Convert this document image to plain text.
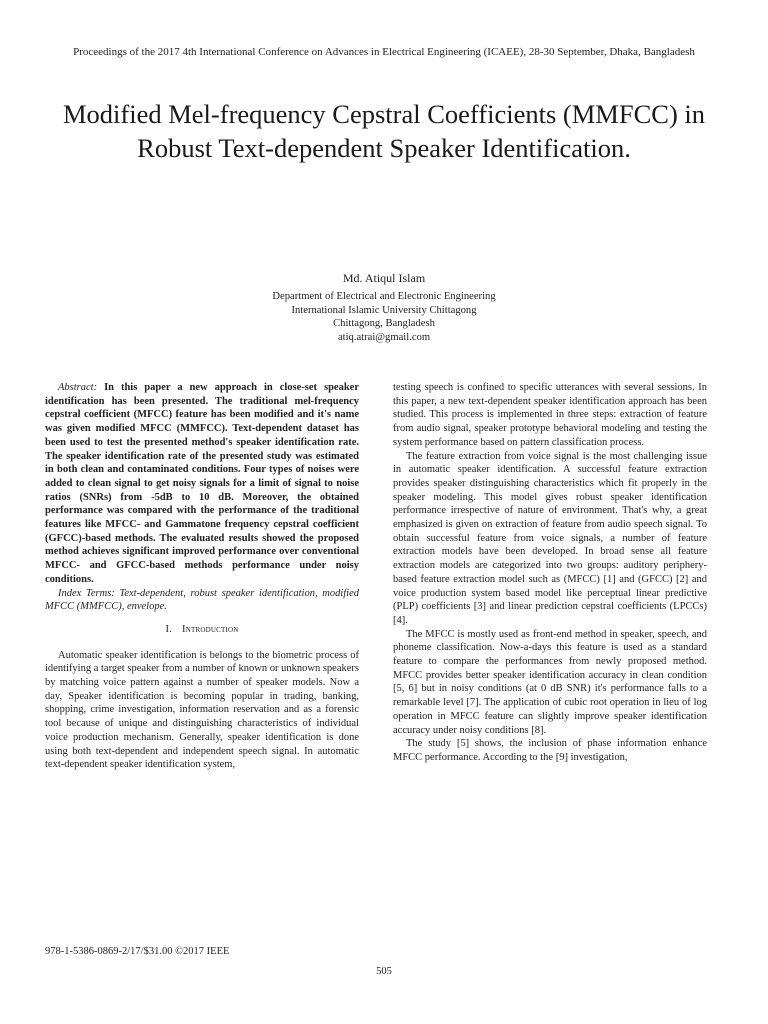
Proceedings of the 2017 4th International Conference on Advances in Electrical Engineering (ICAEE), 28-30 September, Dhaka, Bangladesh
Modified Mel-frequency Cepstral Coefficients (MMFCC) in Robust Text-dependent Speaker Identification.
Md. Atiqul Islam
Department of Electrical and Electronic Engineering
International Islamic University Chittagong
Chittagong, Bangladesh
atiq.atrai@gmail.com

Abstract: In this paper a new approach in close-set speaker identification has been presented. The traditional mel-frequency cepstral coefficient (MFCC) feature has been modified and it's name was given modified MFCC (MMFCC). Text-dependent dataset has been used to test the presented method's speaker identification rate. The speaker identification rate of the presented study was estimated in both clean and contaminated conditions. Four types of noises were added to clean signal to get noisy signals for a limit of signal to noise ratios (SNRs) from -5dB to 10 dB. Moreover, the obtained performance was compared with the performance of the traditional features like MFCC- and Gammatone frequency cepstral coefficient (GFCC)-based methods. The evaluated results showed the proposed method achieves significant improved performance over conventional MFCC- and GFCC-based methods performance under noisy conditions.

Index Terms: Text-dependent, robust speaker identification, modified MFCC (MMFCC), envelope.

I. Introduction

Automatic speaker identification is belongs to the biometric process of identifying a target speaker from a number of known or unknown speakers by matching voice pattern against a number of speaker models. Now a day, Speaker identification is becoming popular in trading, banking, shopping, crime investigation, information reservation and as a forensic tool because of unique and distinguishing characteristics of individual voice production mechanism. Generally, speaker identification is done using both text-dependent and independent speech signal. In automatic text-dependent speaker identification system,

testing speech is confined to specific utterances with several sessions. In this paper, a new text-dependent speaker identification approach has been studied. This process is implemented in three steps: extraction of feature from audio signal, speaker prototype behavioral modeling and testing the system performance based on pattern classification process.

The feature extraction from voice signal is the most challenging issue in automatic speaker identification. A successful feature extraction provides speaker distinguishing characteristics which fit properly in the speaker modeling. This model gives robust speaker identification performance irrespective of nature of environment. That's why, a great emphasized is given on extraction of feature from audio speech signal. To obtain successful feature from voice signals, a number of feature extraction models have been developed. In broad sense all feature extraction models are categorized into two groups: auditory periphery-based feature extraction model such as (MFCC) [1] and (GFCC) [2] and voice production system based model like perceptual linear predictive (PLP) coefficients [3] and linear prediction cepstral coefficients (LPCCs) [4].

The MFCC is mostly used as front-end method in speaker, speech, and phoneme classification. Now-a-days this feature is used as a standard feature to compare the performances from newly proposed method. MFCC provides better speaker identification accuracy in clean condition [5, 6] but in noisy conditions (at 0 dB SNR) it's performance falls to a remarkable level [7]. The application of cubic root operation in lieu of log operation in MFCC feature can slightly improve speaker identification accuracy under noisy conditions [8].

The study [5] shows, the inclusion of phase information enhance MFCC performance. According to the [9] investigation,

978-1-5386-0869-2/17/$31.00 ©2017 IEEE
505
